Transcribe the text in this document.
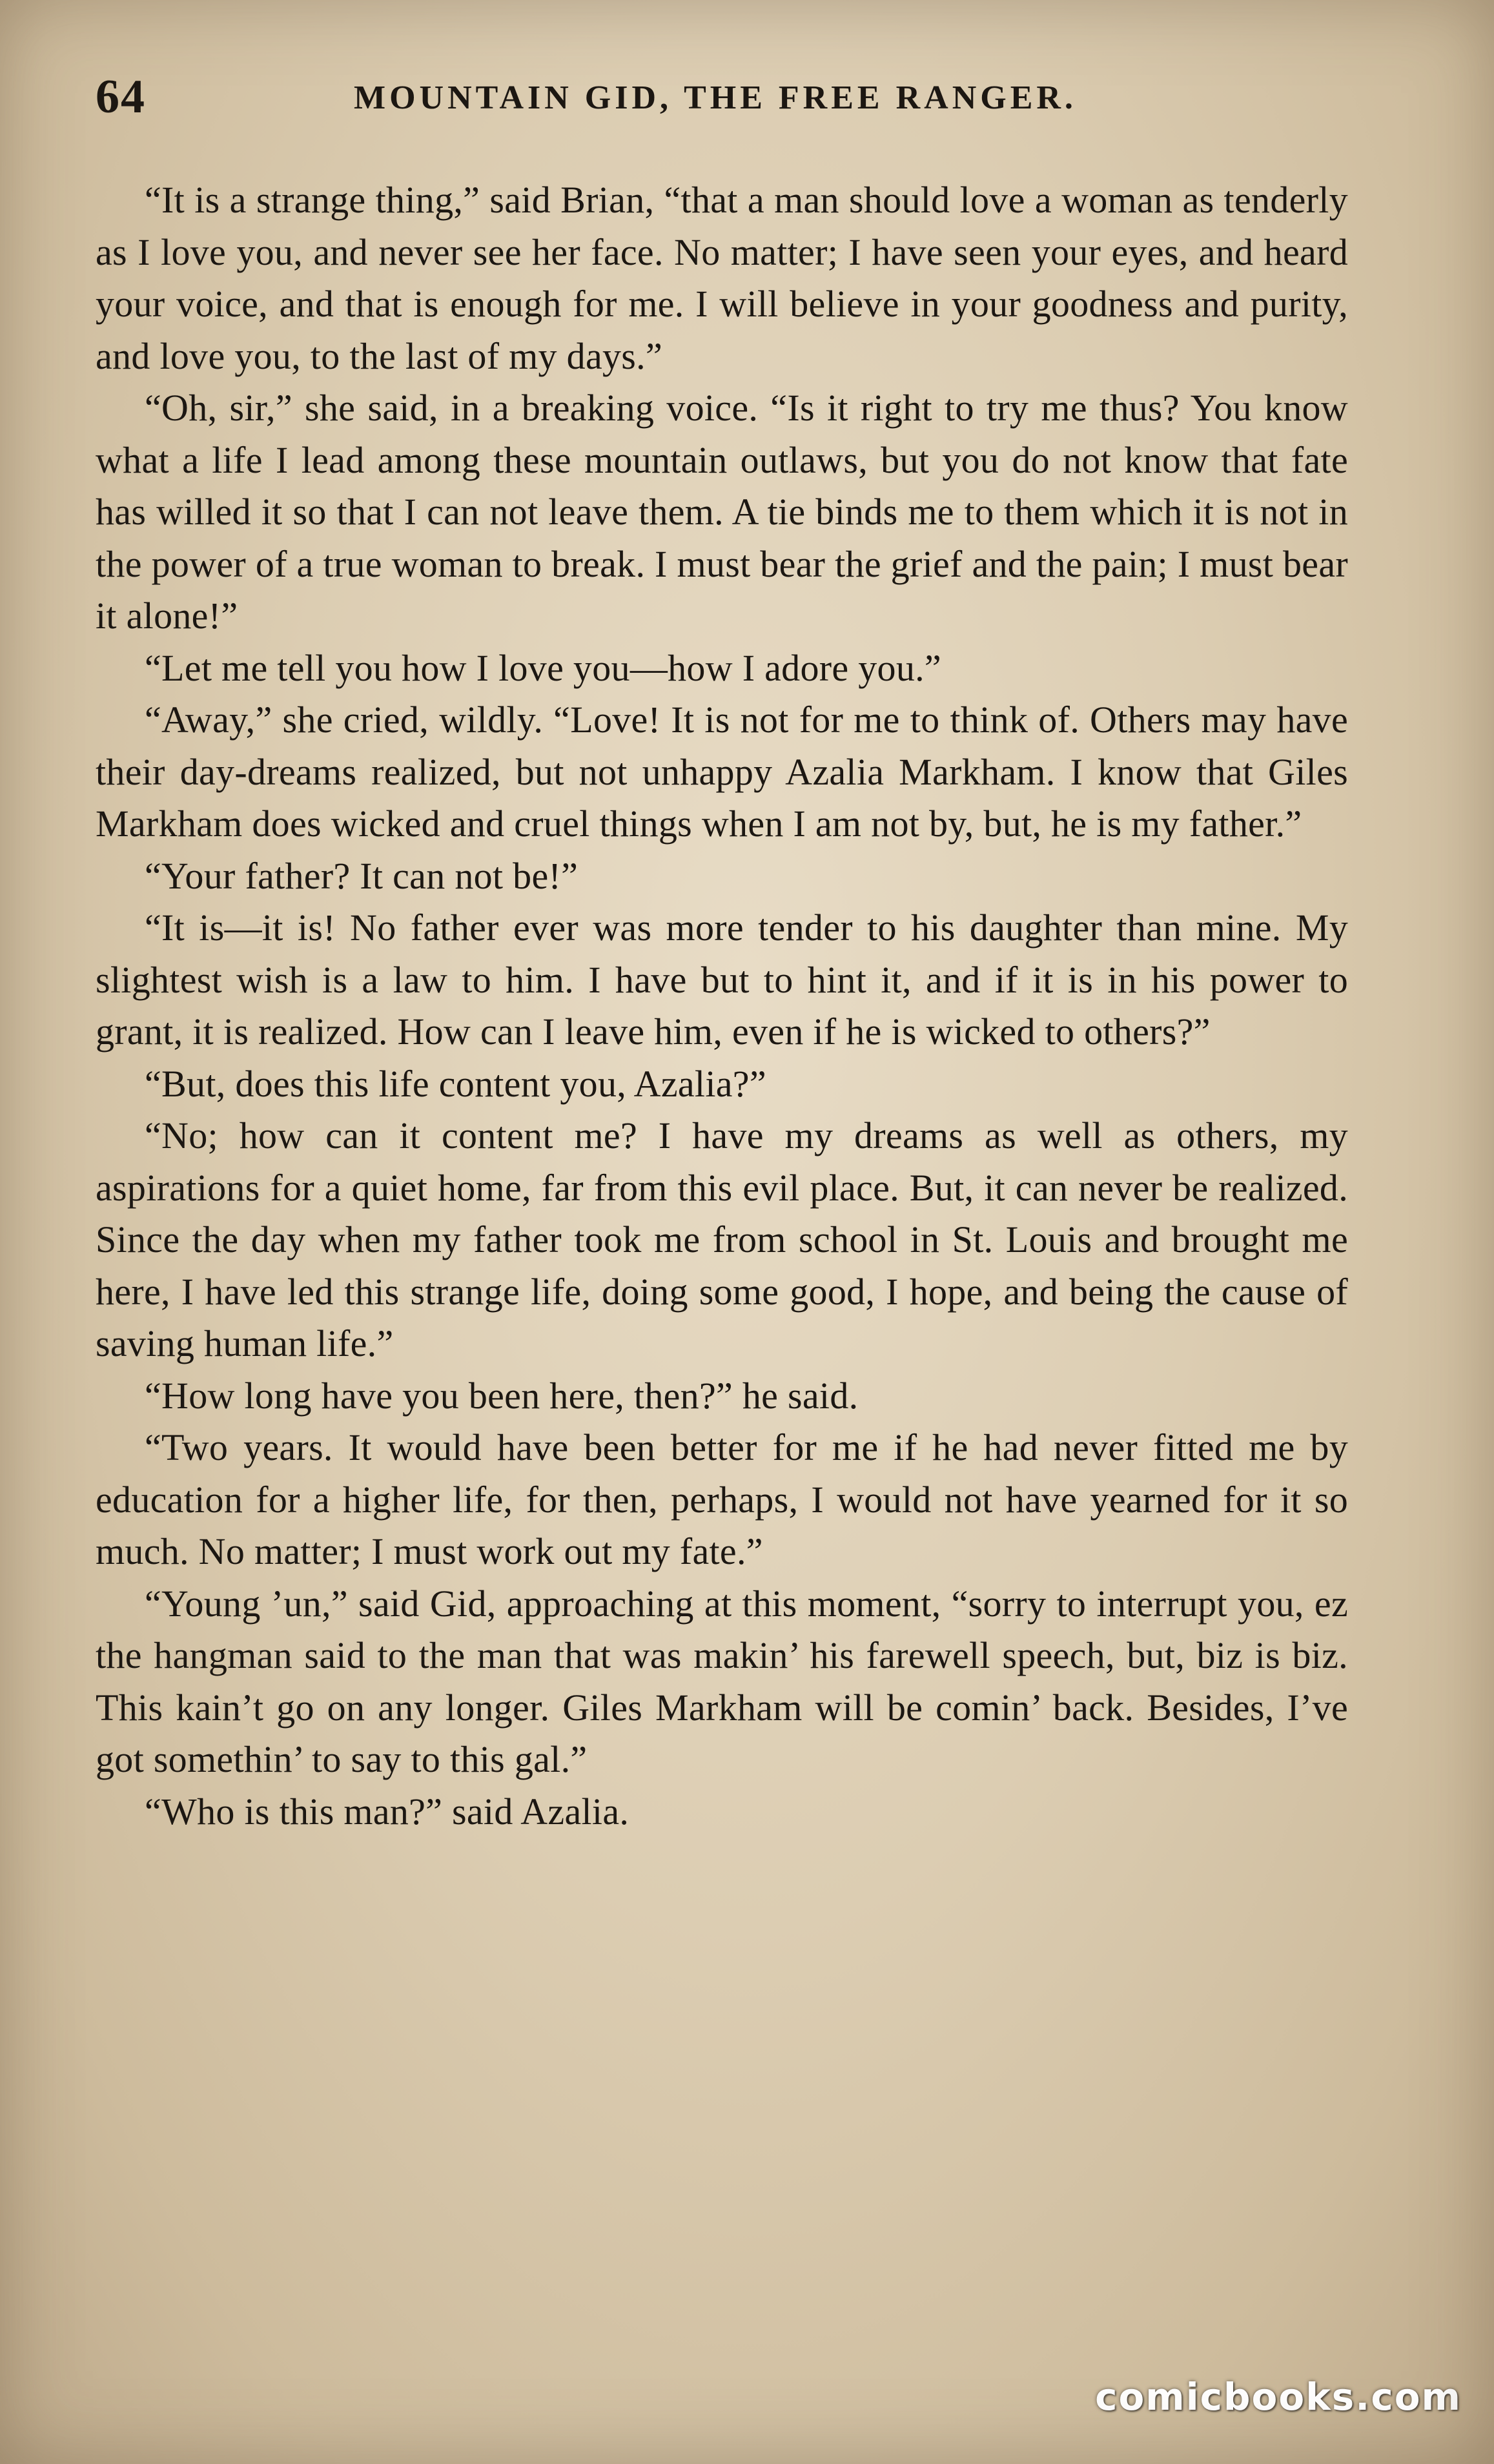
64	MOUNTAIN GID, THE FREE RANGER.

“It is a strange thing,” said Brian, “that a man should love a woman as tenderly as I love you, and never see her face. No matter; I have seen your eyes, and heard your voice, and that is enough for me. I will believe in your goodness and purity, and love you, to the last of my days.”

“Oh, sir,” she said, in a breaking voice. “Is it right to try me thus? You know what a life I lead among these mountain outlaws, but you do not know that fate has willed it so that I can not leave them. A tie binds me to them which it is not in the power of a true woman to break. I must bear the grief and the pain; I must bear it alone!”

“Let me tell you how I love you—how I adore you.”

“Away,” she cried, wildly. “Love! It is not for me to think of. Others may have their day-dreams realized, but not unhappy Azalia Markham. I know that Giles Markham does wicked and cruel things when I am not by, but, he is my father.”

“Your father? It can not be!”

“It is—it is! No father ever was more tender to his daughter than mine. My slightest wish is a law to him. I have but to hint it, and if it is in his power to grant, it is realized. How can I leave him, even if he is wicked to others?”

“But, does this life content you, Azalia?”

“No; how can it content me? I have my dreams as well as others, my aspirations for a quiet home, far from this evil place. But, it can never be realized. Since the day when my father took me from school in St. Louis and brought me here, I have led this strange life, doing some good, I hope, and being the cause of saving human life.”

“How long have you been here, then?” he said.

“Two years. It would have been better for me if he had never fitted me by education for a higher life, for then, perhaps, I would not have yearned for it so much. No matter; I must work out my fate.”

“Young ’un,” said Gid, approaching at this moment, “sorry to interrupt you, ez the hangman said to the man that was makin’ his farewell speech, but, biz is biz. This kain’t go on any longer. Giles Markham will be comin’ back. Besides, I’ve got somethin’ to say to this gal.”

“Who is this man?” said Azalia.

comicbooks.com
